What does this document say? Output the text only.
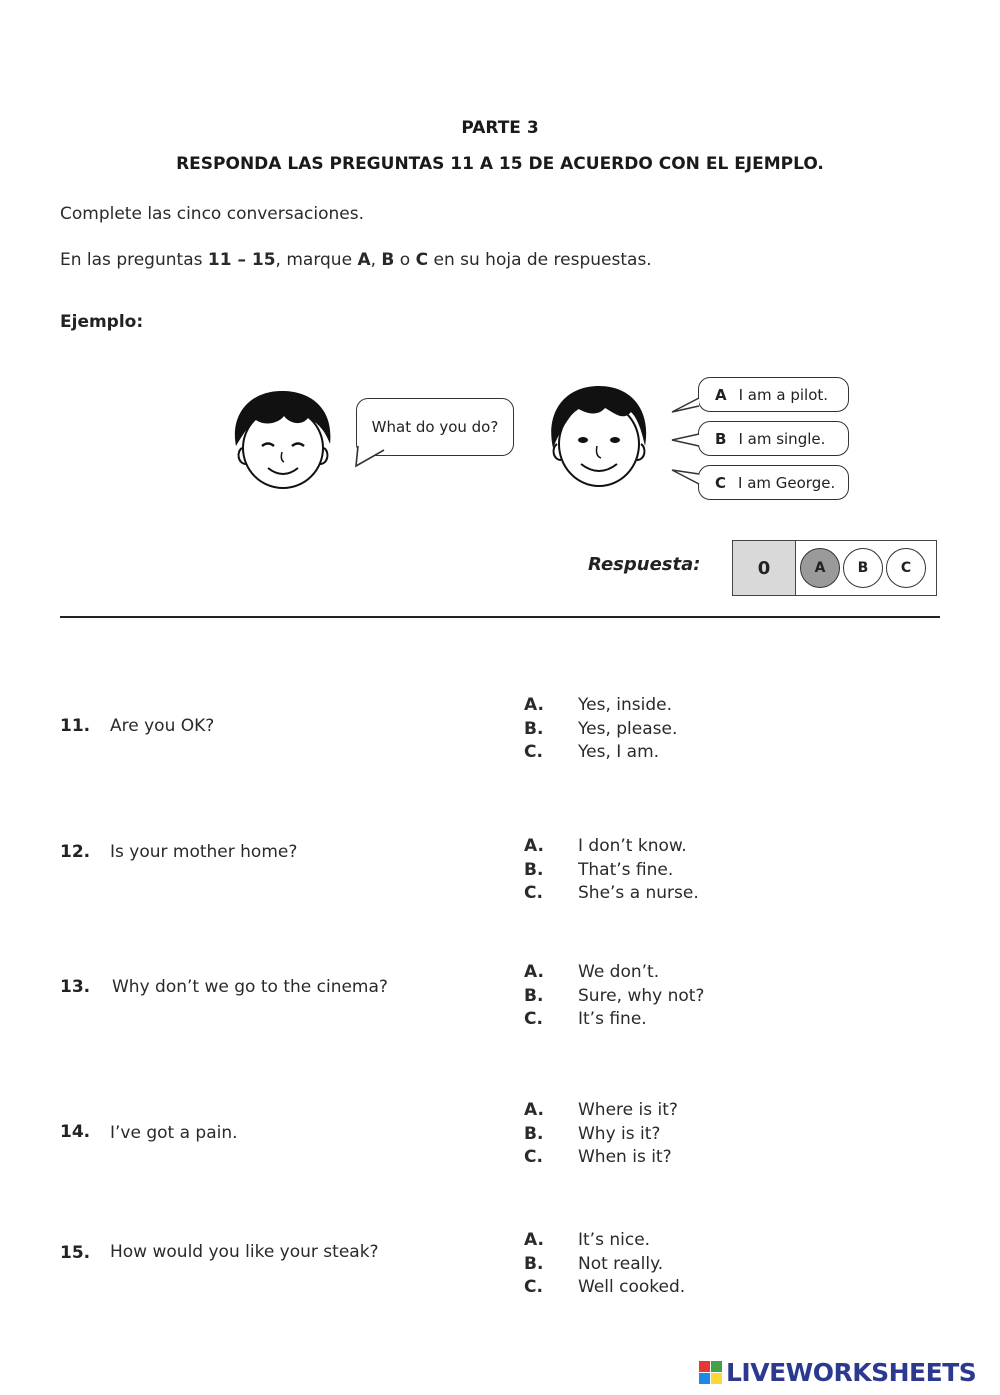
PARTE 3
RESPONDA LAS PREGUNTAS 11 A 15 DE ACUERDO CON EL EJEMPLO.
Complete las cinco conversaciones.
En las preguntas 11 – 15, marque A, B o C en su hoja de respuestas.
Ejemplo:
What do you do?
A I am a pilot.
B I am single.
C I am George.
Respuesta:	0	A	B	C
11. Are you OK?
A.	Yes, inside.
B.	Yes, please.
C.	Yes, I am.
12. Is your mother home?	A.	I don’t know.
B.	That’s fine.
C.	She’s a nurse.
13. Why don’t we go to the cinema?
A.	We don’t.
B.	Sure, why not?
C.	It’s fine.
14. I’ve got a pain.
A.	Where is it?
B.	Why is it?
C.	When is it?
15. How would you like your steak?
A.	It’s nice.
B.	Not really.
C.	Well cooked.
LIVEWORKSHEETS
